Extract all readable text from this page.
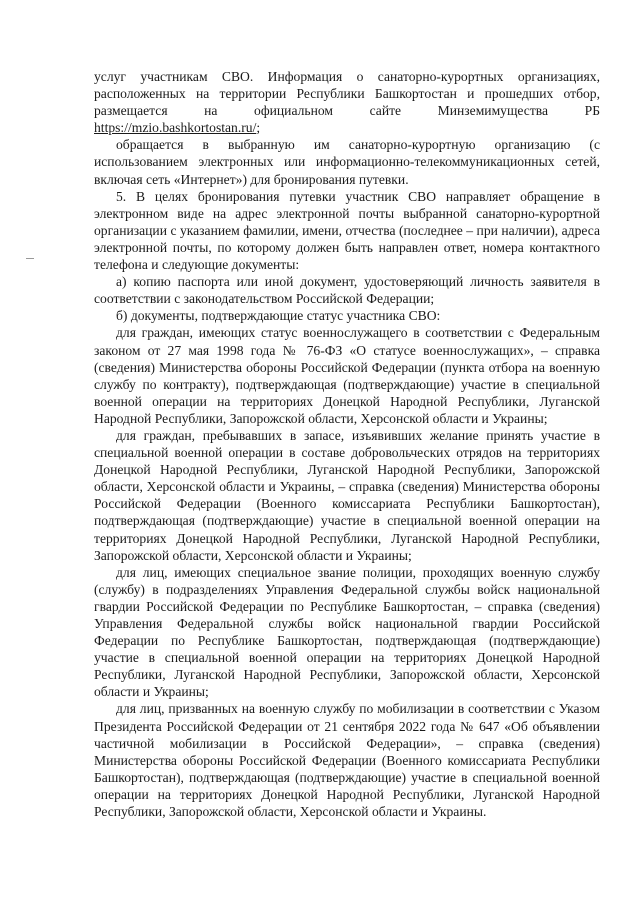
услуг участникам СВО. Информация о санаторно-курортных организациях, расположенных на территории Республики Башкортостан и прошедших отбор, размещается на официальном сайте Минземимущества РБ https://mzio.bashkortostan.ru/;

обращается в выбранную им санаторно-курортную организацию (с использованием электронных или информационно-телекоммуникационных сетей, включая сеть «Интернет») для бронирования путевки.

5. В целях бронирования путевки участник СВО направляет обращение в электронном виде на адрес электронной почты выбранной санаторно-курортной организации с указанием фамилии, имени, отчества (последнее – при наличии), адреса электронной почты, по которому должен быть направлен ответ, номера контактного телефона и следующие документы:

а) копию паспорта или иной документ, удостоверяющий личность заявителя в соответствии с законодательством Российской Федерации;

б) документы, подтверждающие статус участника СВО:

для граждан, имеющих статус военнослужащего в соответствии с Федеральным законом от 27 мая 1998 года № 76-ФЗ «О статусе военнослужащих», – справка (сведения) Министерства обороны Российской Федерации (пункта отбора на военную службу по контракту), подтверждающая (подтверждающие) участие в специальной военной операции на территориях Донецкой Народной Республики, Луганской Народной Республики, Запорожской области, Херсонской области и Украины;

для граждан, пребывавших в запасе, изъявивших желание принять участие в специальной военной операции в составе добровольческих отрядов на территориях Донецкой Народной Республики, Луганской Народной Республики, Запорожской области, Херсонской области и Украины, – справка (сведения) Министерства обороны Российской Федерации (Военного комиссариата Республики Башкортостан), подтверждающая (подтверждающие) участие в специальной военной операции на территориях Донецкой Народной Республики, Луганской Народной Республики, Запорожской области, Херсонской области и Украины;

для лиц, имеющих специальное звание полиции, проходящих военную службу (службу) в подразделениях Управления Федеральной службы войск национальной гвардии Российской Федерации по Республике Башкортостан, – справка (сведения) Управления Федеральной службы войск национальной гвардии Российской Федерации по Республике Башкортостан, подтверждающая (подтверждающие) участие в специальной военной операции на территориях Донецкой Народной Республики, Луганской Народной Республики, Запорожской области, Херсонской области и Украины;

для лиц, призванных на военную службу по мобилизации в соответствии с Указом Президента Российской Федерации от 21 сентября 2022 года № 647 «Об объявлении частичной мобилизации в Российской Федерации», – справка (сведения) Министерства обороны Российской Федерации (Военного комиссариата Республики Башкортостан), подтверждающая (подтверждающие) участие в специальной военной операции на территориях Донецкой Народной Республики, Луганской Народной Республики, Запорожской области, Херсонской области и Украины.
